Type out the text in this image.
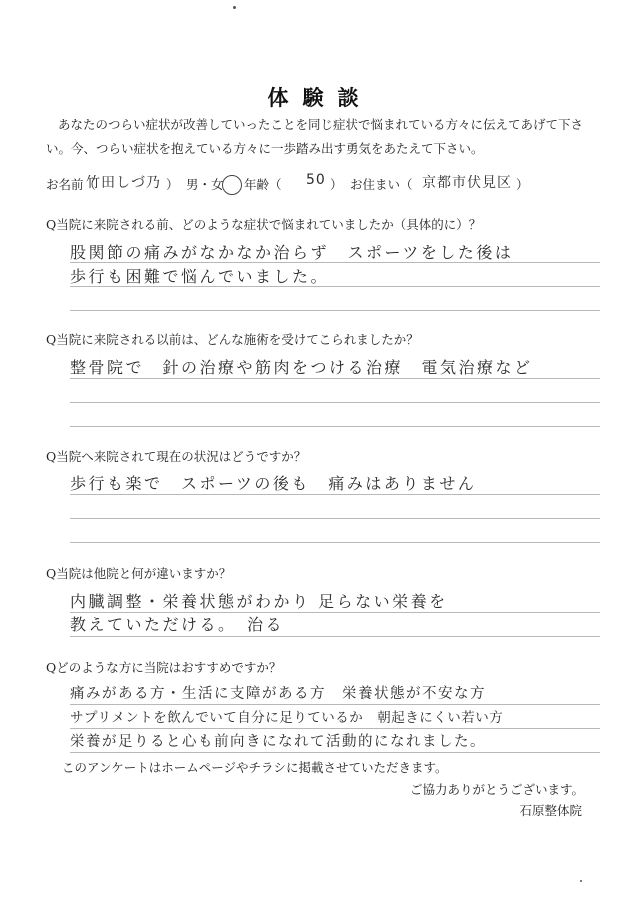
体験談
あなたのつらい症状が改善していったことを同じ症状で悩まれている方々に伝えてあげて下さい。今、つらい症状を抱えている方々に一歩踏み出す勇気をあたえて下さい。
お名前（
竹田しづ乃 ） 男・女 年齢（ 50 ） お住まい（ 京都市伏見区 ）
Q当院に来院される前、どのような症状で悩まれていましたか（具体的に）？
股関節の痛みがなかなか治らず　スポーツをした後は
歩行も困難で悩んでいました。
Q当院に来院される以前は、どんな施術を受けてこられましたか？
整骨院で　針の治療や筋肉をつける治療　電気治療など
Q当院へ来院されて現在の状況はどうですか？
歩行も楽で　スポーツの後も　痛みはありません
Q当院は他院と何が違いますか？
内臓調整・栄養状態がわかり 足らない栄養を
教えていただける。　治る
Qどのような方に当院はおすすめですか？
痛みがある方・生活に支障がある方　栄養状態が不安な方
サプリメントを飲んでいて自分に足りているか　朝起きにくい若い方
栄養が足りると心も前向きになれて活動的になれました。
このアンケートはホームページやチラシに掲載させていただきます。
ご協力ありがとうございます。
石原整体院
